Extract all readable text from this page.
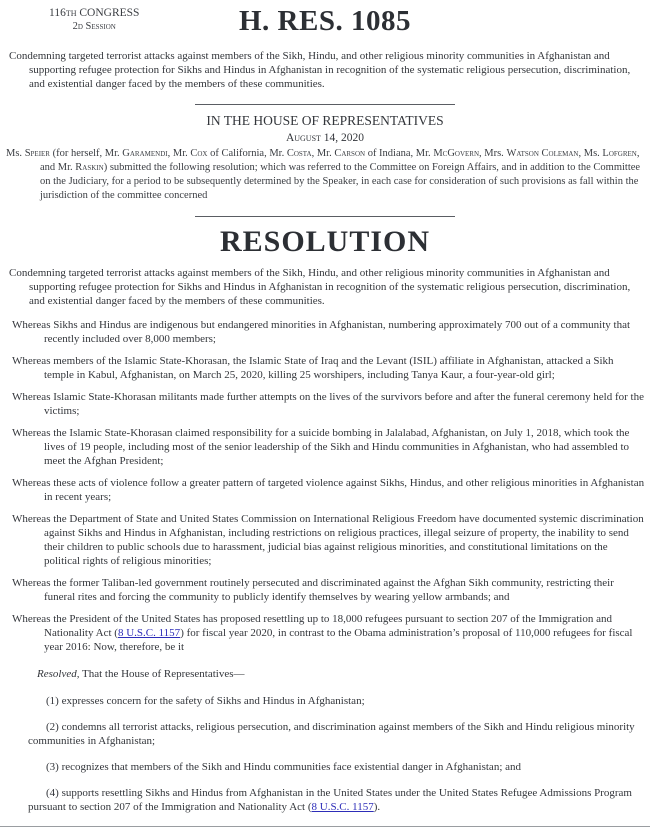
116th CONGRESS
2d Session	H. RES. 1085

Condemning targeted terrorist attacks against members of the Sikh, Hindu, and other religious minority communities in Afghanistan and supporting refugee protection for Sikhs and Hindus in Afghanistan in recognition of the systematic religious persecution, discrimination, and existential danger faced by the members of these communities.

IN THE HOUSE OF REPRESENTATIVES
August 14, 2020

Ms. Speier (for herself, Mr. Garamendi, Mr. Cox of California, Mr. Costa, Mr. Carson of Indiana, Mr. McGovern, Mrs. Watson Coleman, Ms. Lofgren, and Mr. Raskin) submitted the following resolution; which was referred to the Committee on Foreign Affairs, and in addition to the Committee on the Judiciary, for a period to be subsequently determined by the Speaker, in each case for consideration of such provisions as fall within the jurisdiction of the committee concerned

RESOLUTION

Condemning targeted terrorist attacks against members of the Sikh, Hindu, and other religious minority communities in Afghanistan and supporting refugee protection for Sikhs and Hindus in Afghanistan in recognition of the systematic religious persecution, discrimination, and existential danger faced by the members of these communities.

Whereas Sikhs and Hindus are indigenous but endangered minorities in Afghanistan, numbering approximately 700 out of a community that recently included over 8,000 members;

Whereas members of the Islamic State-Khorasan, the Islamic State of Iraq and the Levant (ISIL) affiliate in Afghanistan, attacked a Sikh temple in Kabul, Afghanistan, on March 25, 2020, killing 25 worshipers, including Tanya Kaur, a four-year-old girl;

Whereas Islamic State-Khorasan militants made further attempts on the lives of the survivors before and after the funeral ceremony held for the victims;

Whereas the Islamic State-Khorasan claimed responsibility for a suicide bombing in Jalalabad, Afghanistan, on July 1, 2018, which took the lives of 19 people, including most of the senior leadership of the Sikh and Hindu communities in Afghanistan, who had assembled to meet the Afghan President;

Whereas these acts of violence follow a greater pattern of targeted violence against Sikhs, Hindus, and other religious minorities in Afghanistan in recent years;

Whereas the Department of State and United States Commission on International Religious Freedom have documented systemic discrimination against Sikhs and Hindus in Afghanistan, including restrictions on religious practices, illegal seizure of property, the inability to send their children to public schools due to harassment, judicial bias against religious minorities, and constitutional limitations on the political rights of religious minorities;

Whereas the former Taliban-led government routinely persecuted and discriminated against the Afghan Sikh community, restricting their funeral rites and forcing the community to publicly identify themselves by wearing yellow armbands; and

Whereas the President of the United States has proposed resettling up to 18,000 refugees pursuant to section 207 of the Immigration and Nationality Act (8 U.S.C. 1157) for fiscal year 2020, in contrast to the Obama administration’s proposal of 110,000 refugees for fiscal year 2016: Now, therefore, be it

Resolved, That the House of Representatives—

(1) expresses concern for the safety of Sikhs and Hindus in Afghanistan;

(2) condemns all terrorist attacks, religious persecution, and discrimination against members of the Sikh and Hindu religious minority communities in Afghanistan;

(3) recognizes that members of the Sikh and Hindu communities face existential danger in Afghanistan; and

(4) supports resettling Sikhs and Hindus from Afghanistan in the United States under the United States Refugee Admissions Program pursuant to section 207 of the Immigration and Nationality Act (8 U.S.C. 1157).
